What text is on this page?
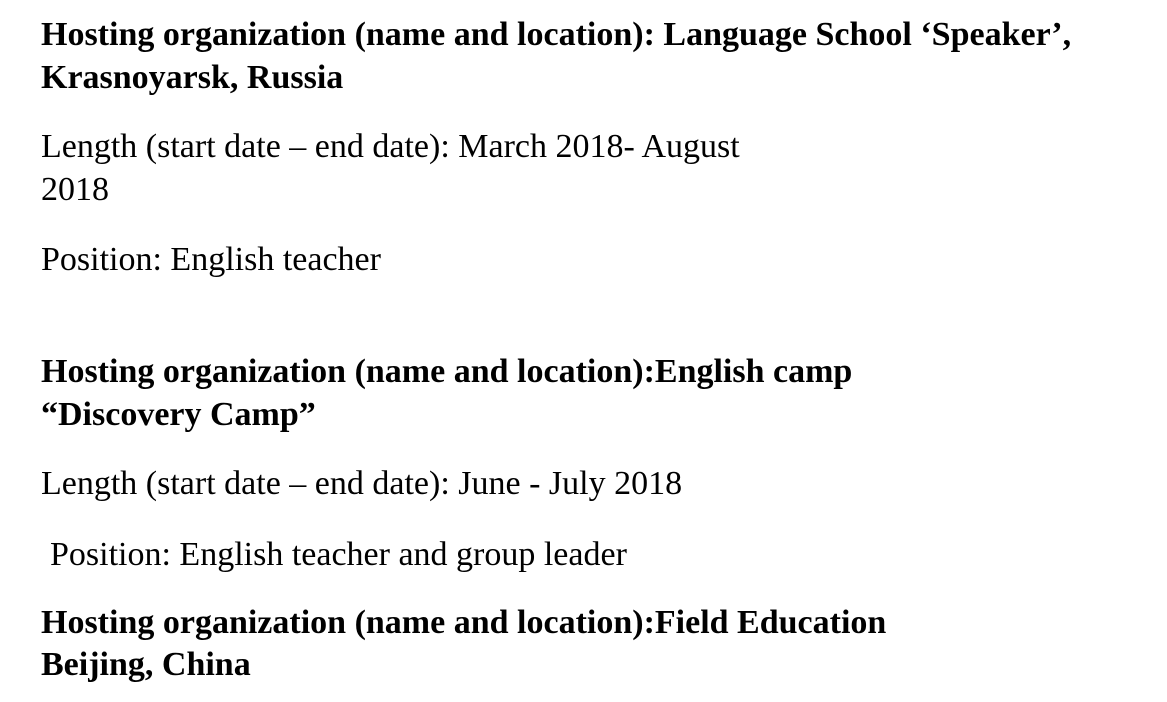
Hosting organization (name and location): Language School ‘Speaker’,

Krasnoyarsk, Russia

Length (start date – end date): March 2018- August

2018

Position: English teacher

Hosting organization (name and location):English camp

“Discovery Camp”

Length (start date – end date): June - July 2018

Position: English teacher and group leader

Hosting organization (name and location):Field Education

Beijing, China
